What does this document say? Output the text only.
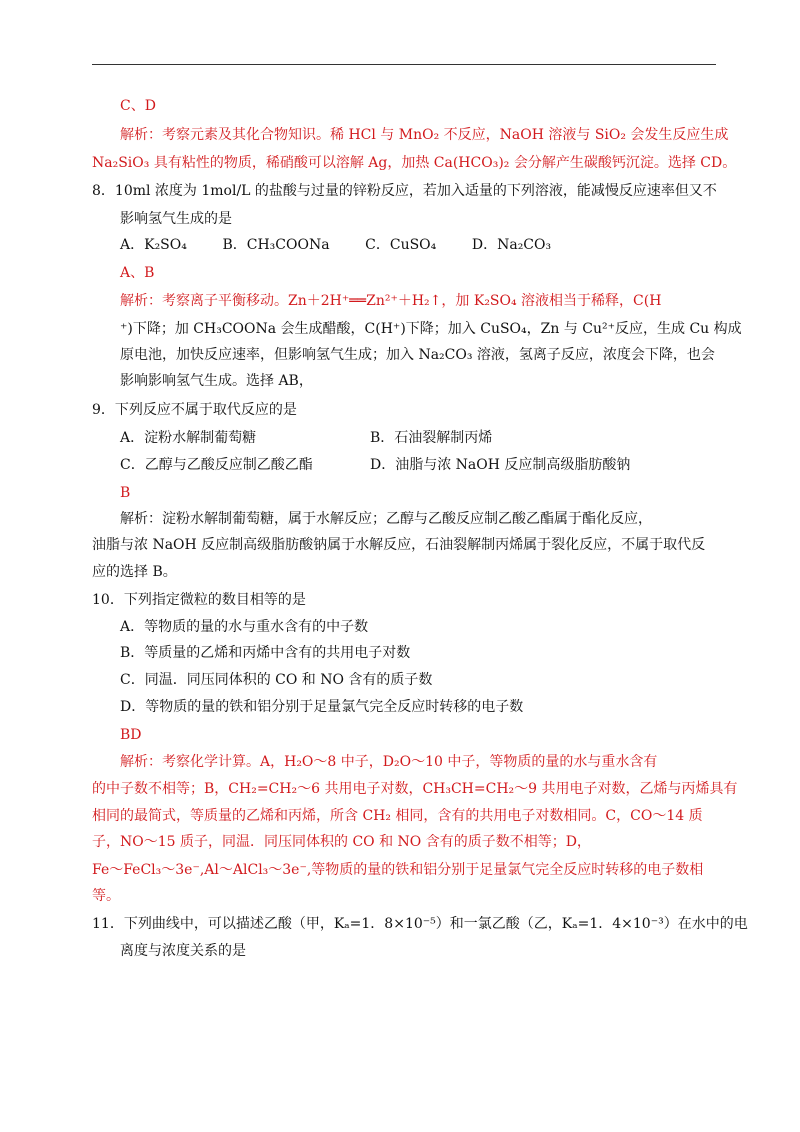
C、D
解析：考察元素及其化合物知识。稀 HCl 与 MnO₂ 不反应，NaOH 溶液与 SiO₂ 会发生反应生成
Na₂SiO₃ 具有粘性的物质，稀硝酸可以溶解 Ag，加热 Ca(HCO₃)₂ 会分解产生碳酸钙沉淀。选择 CD。
8．10ml 浓度为 1mol/L 的盐酸与过量的锌粉反应，若加入适量的下列溶液，能减慢反应速率但又不
影响氢气生成的是
A．K₂SO₄        B．CH₃COONa        C．CuSO₄        D．Na₂CO₃
A、B
解析：考察离子平衡移动。Zn＋2H⁺══Zn²⁺＋H₂↑，加 K₂SO₄ 溶液相当于稀释，C(H
⁺)下降；加 CH₃COONa 会生成醋酸，C(H⁺)下降；加入 CuSO₄，Zn 与 Cu²⁺反应，生成 Cu 构成
原电池，加快反应速率，但影响氢气生成；加入 Na₂CO₃ 溶液，氢离子反应，浓度会下降，也会
影响影响氢气生成。选择 AB，
9．下列反应不属于取代反应的是
A．淀粉水解制葡萄糖	B．石油裂解制丙烯
C．乙醇与乙酸反应制乙酸乙酯	D．油脂与浓 NaOH 反应制高级脂肪酸钠
B
解析：淀粉水解制葡萄糖，属于水解反应；乙醇与乙酸反应制乙酸乙酯属于酯化反应，
油脂与浓 NaOH 反应制高级脂肪酸钠属于水解反应，石油裂解制丙烯属于裂化反应，不属于取代反
应的选择 B。
10．下列指定微粒的数目相等的是
A．等物质的量的水与重水含有的中子数
B．等质量的乙烯和丙烯中含有的共用电子对数
C．同温．同压同体积的 CO 和 NO 含有的质子数
D．等物质的量的铁和铝分别于足量氯气完全反应时转移的电子数
BD
解析：考察化学计算。A，H₂O～8 中子，D₂O～10 中子，等物质的量的水与重水含有
的中子数不相等；B，CH₂=CH₂～6 共用电子对数，CH₃CH=CH₂～9 共用电子对数，乙烯与丙烯具有
相同的最简式，等质量的乙烯和丙烯，所含 CH₂ 相同，含有的共用电子对数相同。C，CO～14 质
子，NO～15 质子，同温．同压同体积的 CO 和 NO 含有的质子数不相等；D，
Fe～FeCl₃～3e⁻,Al～AlCl₃～3e⁻,等物质的量的铁和铝分别于足量氯气完全反应时转移的电子数相
等。
11．下列曲线中，可以描述乙酸（甲，Kₐ=1．8×10⁻⁵）和一氯乙酸（乙，Kₐ=1．4×10⁻³）在水中的电
离度与浓度关系的是
